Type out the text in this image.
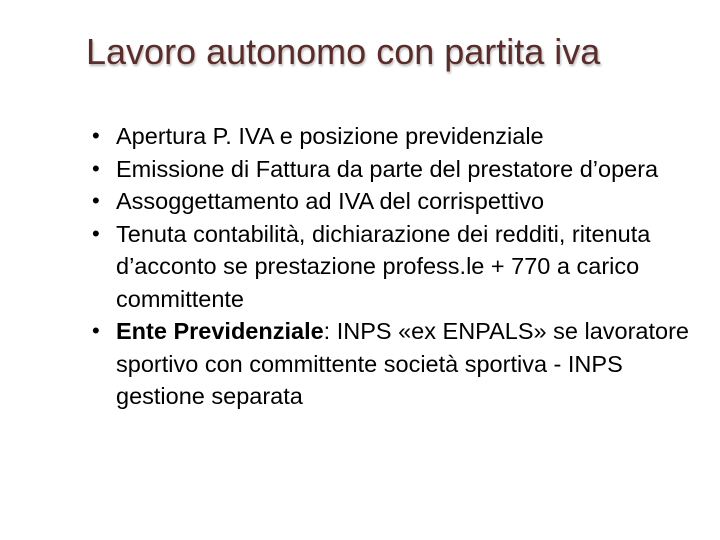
Lavoro autonomo con partita iva
• Apertura P. IVA e posizione previdenziale
• Emissione di Fattura da parte del prestatore d’opera
• Assoggettamento ad IVA del corrispettivo
• Tenuta contabilità, dichiarazione dei redditi, ritenuta d’acconto se prestazione profess.le + 770 a carico committente
• Ente Previdenziale: INPS «ex ENPALS» se lavoratore sportivo con committente società sportiva - INPS gestione separata
